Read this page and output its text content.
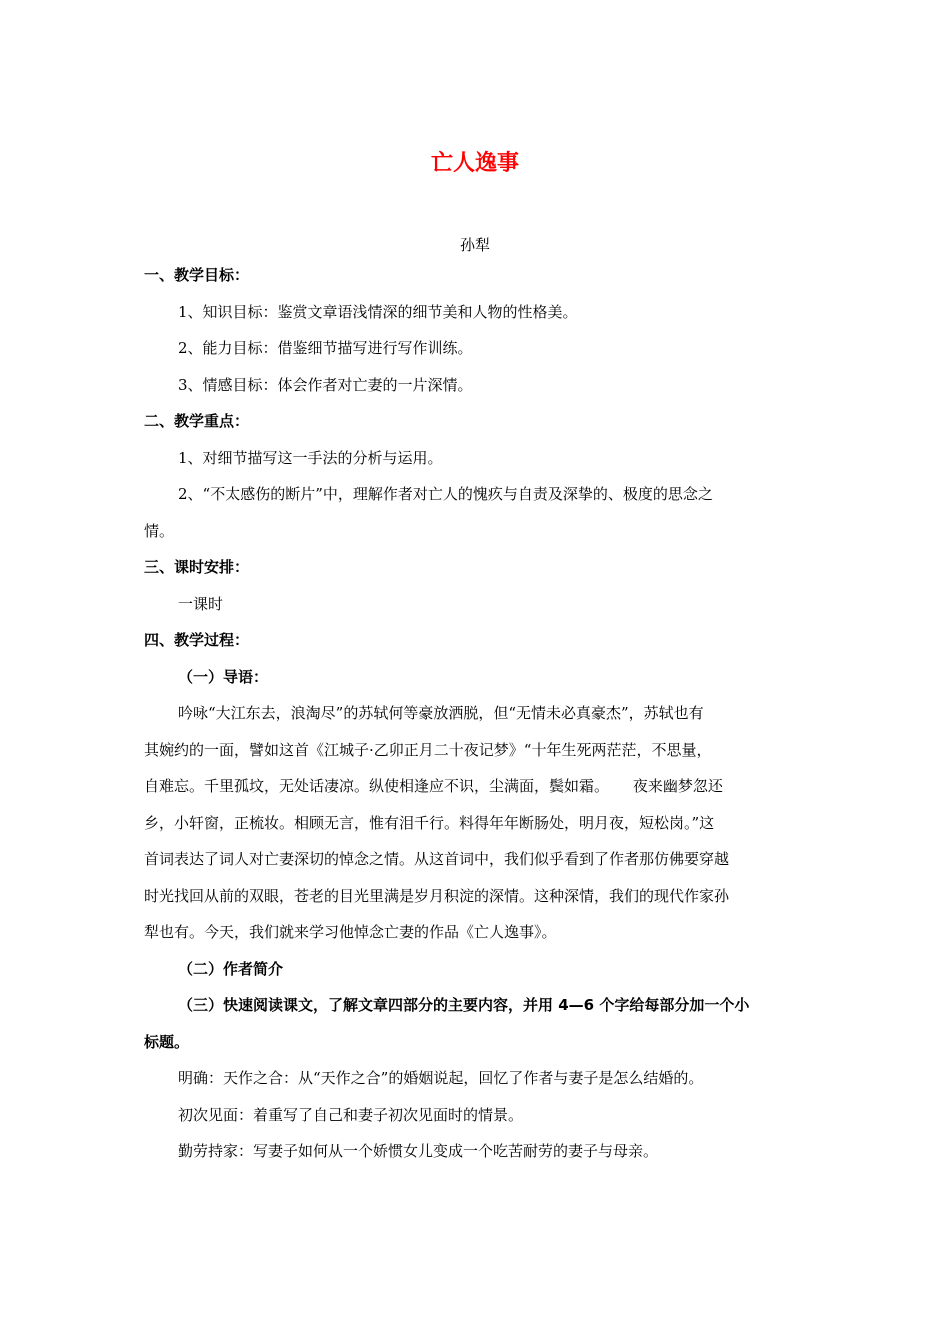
亡人逸事
孙犁
一、教学目标：
1、知识目标：鉴赏文章语浅情深的细节美和人物的性格美。
2、能力目标：借鉴细节描写进行写作训练。
3、情感目标：体会作者对亡妻的一片深情。
二、教学重点：
1、对细节描写这一手法的分析与运用。
2、“不太感伤的断片”中，理解作者对亡人的愧疚与自责及深挚的、极度的思念之
情。
三、课时安排：
一课时
四、教学过程：
（一）导语：
吟咏“大江东去，浪淘尽”的苏轼何等豪放洒脱，但“无情未必真豪杰”，苏轼也有
其婉约的一面，譬如这首《江城子·乙卯正月二十夜记梦》“十年生死两茫茫，不思量，
自难忘。千里孤坟，无处话凄凉。纵使相逢应不识，尘满面，鬓如霜。     夜来幽梦忽还
乡，小轩窗，正梳妆。相顾无言，惟有泪千行。料得年年断肠处，明月夜，短松岗。”这
首词表达了词人对亡妻深切的悼念之情。从这首词中，我们似乎看到了作者那仿佛要穿越
时光找回从前的双眼，苍老的目光里满是岁月积淀的深情。这种深情，我们的现代作家孙
犁也有。今天，我们就来学习他悼念亡妻的作品《亡人逸事》。
（二）作者简介
（三）快速阅读课文，了解文章四部分的主要内容，并用 4—6 个字给每部分加一个小
标题。
明确：天作之合：从“天作之合”的婚姻说起，回忆了作者与妻子是怎么结婚的。
初次见面：着重写了自己和妻子初次见面时的情景。
勤劳持家：写妻子如何从一个娇惯女儿变成一个吃苦耐劳的妻子与母亲。
